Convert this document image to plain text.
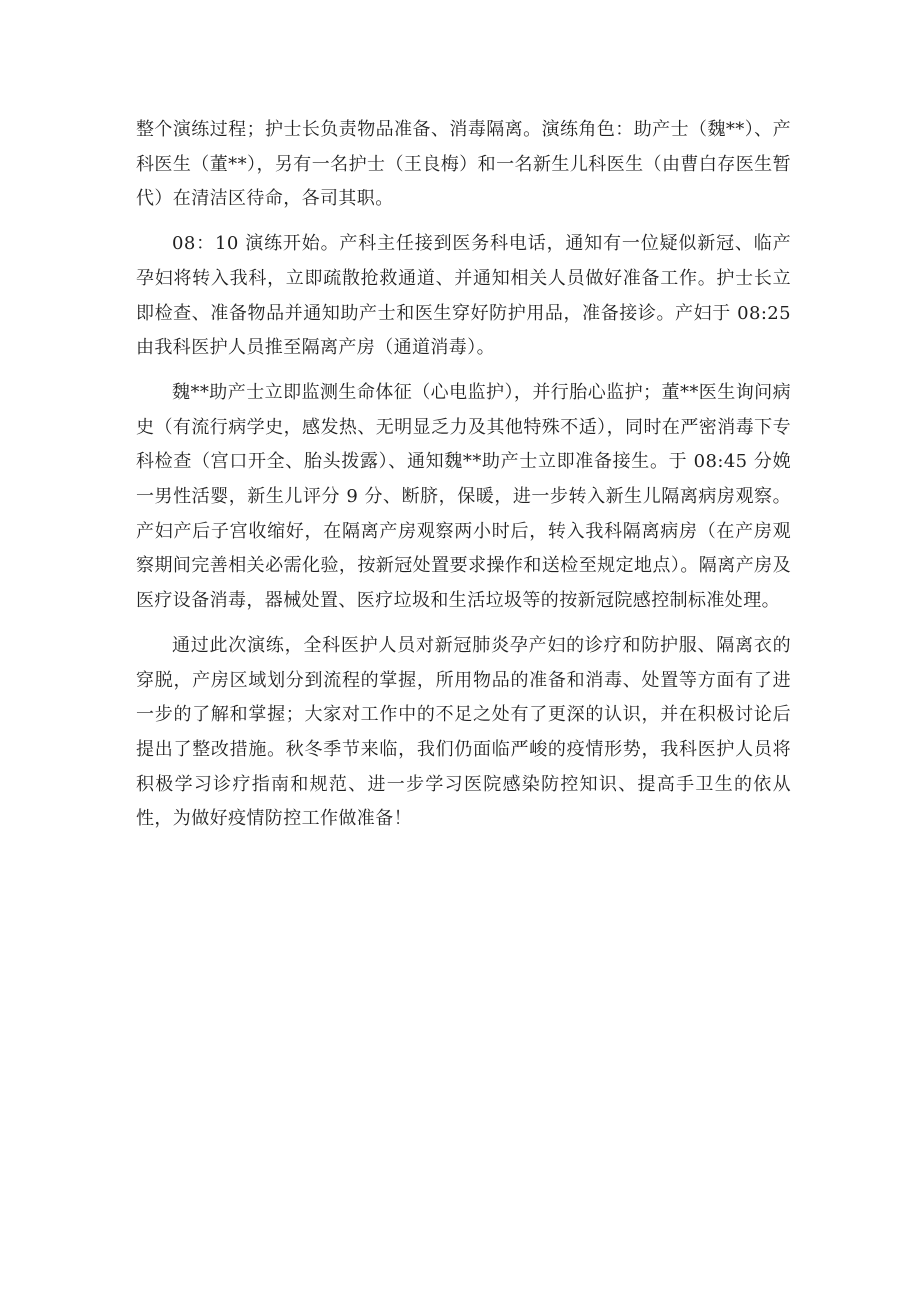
整个演练过程；护士长负责物品准备、消毒隔离。演练角色：助产士（魏**）、产科医生（董**），另有一名护士（王良梅）和一名新生儿科医生（由曹白存医生暂代）在清洁区待命，各司其职。

08：10 演练开始。产科主任接到医务科电话，通知有一位疑似新冠、临产孕妇将转入我科，立即疏散抢救通道、并通知相关人员做好准备工作。护士长立即检查、准备物品并通知助产士和医生穿好防护用品，准备接诊。产妇于 08:25 由我科医护人员推至隔离产房（通道消毒）。

魏**助产士立即监测生命体征（心电监护），并行胎心监护；董**医生询问病史（有流行病学史，感发热、无明显乏力及其他特殊不适），同时在严密消毒下专科检查（宫口开全、胎头拨露）、通知魏**助产士立即准备接生。于 08:45 分娩一男性活婴，新生儿评分 9 分、断脐，保暖，进一步转入新生儿隔离病房观察。产妇产后子宫收缩好，在隔离产房观察两小时后，转入我科隔离病房（在产房观察期间完善相关必需化验，按新冠处置要求操作和送检至规定地点）。隔离产房及医疗设备消毒，器械处置、医疗垃圾和生活垃圾等的按新冠院感控制标准处理。

通过此次演练，全科医护人员对新冠肺炎孕产妇的诊疗和防护服、隔离衣的穿脱，产房区域划分到流程的掌握，所用物品的准备和消毒、处置等方面有了进一步的了解和掌握；大家对工作中的不足之处有了更深的认识，并在积极讨论后提出了整改措施。秋冬季节来临，我们仍面临严峻的疫情形势，我科医护人员将积极学习诊疗指南和规范、进一步学习医院感染防控知识、提高手卫生的依从性，为做好疫情防控工作做准备！
